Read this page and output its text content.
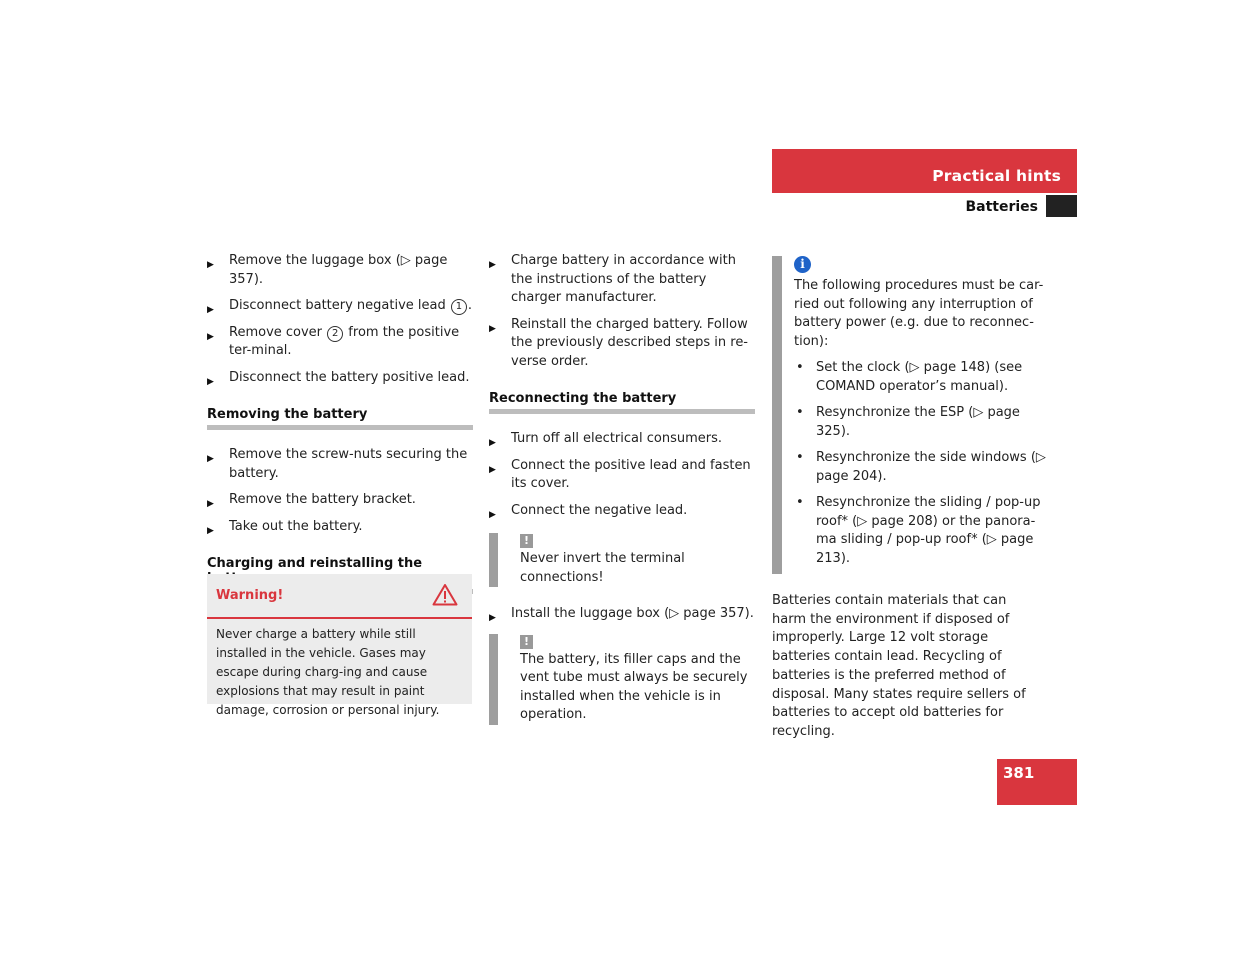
Practical hints
Batteries
▶ Remove the luggage box (▷ page 357).
▶ Disconnect battery negative lead 1 .
▶ Remove cover 2 from the positive ter-minal.
▶ Disconnect the battery positive lead.
Removing the battery
▶ Remove the screw-nuts securing the battery.
▶ Remove the battery bracket.
▶ Take out the battery.
Charging and reinstalling the
Warning!
Never charge a battery while still installed in the vehicle. Gases may escape during charg-ing and cause explosions that may result in paint damage, corrosion or personal injury.
▶ Charge battery in accordance with the instructions of the battery charger manufacturer.
▶ Reinstall the charged battery. Follow the previously described steps in re-verse order.
Reconnecting the battery
▶ Turn off all electrical consumers.
▶ Connect the positive lead and fasten its cover.
▶ Connect the negative lead.
!
Never invert the terminal connections!
▶ Install the luggage box (▷ page 357).
!
The battery, its filler caps and the vent tube must always be securely installed when the vehicle is in operation.
i

The following procedures must be car-ried out following any interruption of battery power (e.g. due to reconnec-tion):

• Set the clock (▷ page 148) (see COMAND operator’s manual).
• Resynchronize the ESP (▷ page 325).
• Resynchronize the side windows (▷ page 204).
• Resynchronize the sliding / pop-up roof* (▷ page 208) or the panora-ma sliding / pop-up roof* (▷ page 213).
Batteries contain materials that can harm the environment if disposed of improperly. Large 12 volt storage batteries contain lead. Recycling of batteries is the preferred method of disposal. Many states require sellers of batteries to accept old batteries for recycling.
381
